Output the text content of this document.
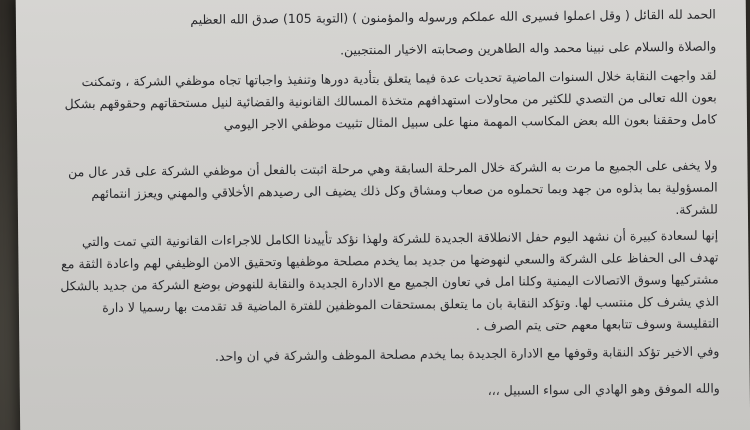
الحمد لله القائل ( وقل اعملوا فسيرى الله عملكم ورسوله والمؤمنون ) (التوبة 105) صدق الله العظيم
والصلاة والسلام على نبينا محمد واله الطاهرين وصحابته الاخيار المنتجبين.
لقد واجهت النقابة خلال السنوات الماضية تحديات عدة فيما يتعلق بتأدية دورها وتنفيذ واجباتها تجاه موظفي الشركة ، وتمكنت بعون الله تعالى من التصدي للكثير من محاولات استهدافهم متخذة المسالك القانونية والقضائية لنيل مستحقاتهم وحقوقهم بشكل كامل وحققنا بعون الله بعض المكاسب المهمة منها على سبيل المثال تثبيت موظفي الاجر اليومي
ولا يخفى على الجميع ما مرت به الشركة خلال المرحلة السابقة وهي مرحلة اثبتت بالفعل أن موظفي الشركة على قدر عال من المسؤولية بما بذلوه من جهد وبما تحملوه من صعاب ومشاق وكل ذلك يضيف الى رصيدهم الأخلاقي والمهني ويعزز انتمائهم للشركة.
إنها لسعادة كبيرة أن نشهد اليوم حفل الانطلاقة الجديدة للشركة ولهذا نؤكد تأييدنا الكامل للاجراءات القانونية التي تمت والتي تهدف الى الحفاظ على الشركة والسعي لنهوضها من جديد بما يخدم مصلحة موظفيها وتحقيق الامن الوظيفي لهم واعادة الثقة مع مشتركيها وسوق الاتصالات اليمنية وكلنا امل في تعاون الجميع مع الادارة الجديدة والنقابة للنهوض بوضع الشركة من جديد بالشكل الذي يشرف كل منتسب لها. وتؤكد النقابة بان ما يتعلق بمستحقات الموظفين للفترة الماضية قد تقدمت بها رسميا لا دارة التقليسة وسوف تتابعها معهم حتى يتم الصرف .
وفي الاخير تؤكد النقابة وقوفها مع الادارة الجديدة بما يخدم مصلحة الموظف والشركة في ان واحد.
والله الموفق وهو الهادي الى سواء السبيل ،،،
